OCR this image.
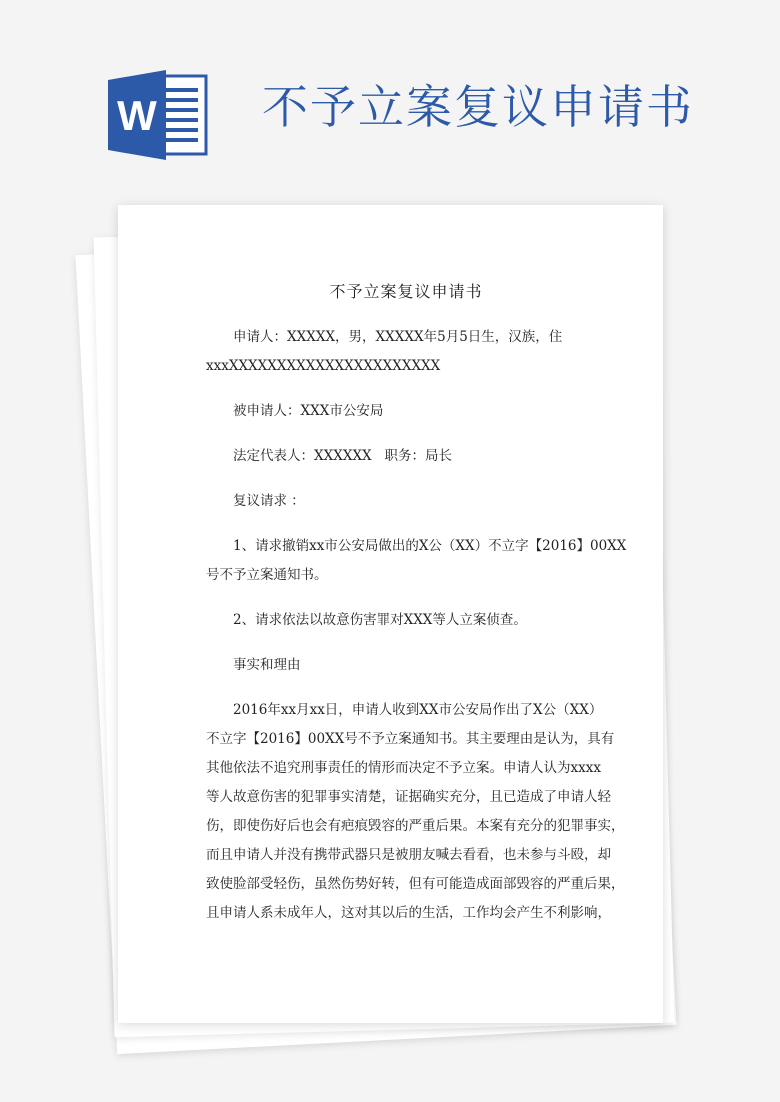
W 不予立案复议申请书
不予立案复议申请书

申请人：XXXXX，男，XXXXX年5月5日生，汉族，住

xxxXXXXXXXXXXXXXXXXXXXXXX

被申请人：XXX市公安局

法定代表人：XXXXXX   职务：局长

复议请求 ：

1、请求撤销xx市公安局做出的X公（XX）不立字【2016】00XX

号不予立案通知书。

2、请求依法以故意伤害罪对XXX等人立案侦查。

事实和理由

2016年xx月xx日，申请人收到XX市公安局作出了X公（XX）

不立字【2016】00XX号不予立案通知书。其主要理由是认为，具有

其他依法不追究刑事责任的情形而决定不予立案。申请人认为xxxx

等人故意伤害的犯罪事实清楚，证据确实充分，且已造成了申请人轻

伤，即使伤好后也会有疤痕毁容的严重后果。本案有充分的犯罪事实，

而且申请人并没有携带武器只是被朋友喊去看看，也未参与斗殴，却

致使脸部受轻伤，虽然伤势好转，但有可能造成面部毁容的严重后果，

且申请人系未成年人，这对其以后的生活，工作均会产生不利影响，
